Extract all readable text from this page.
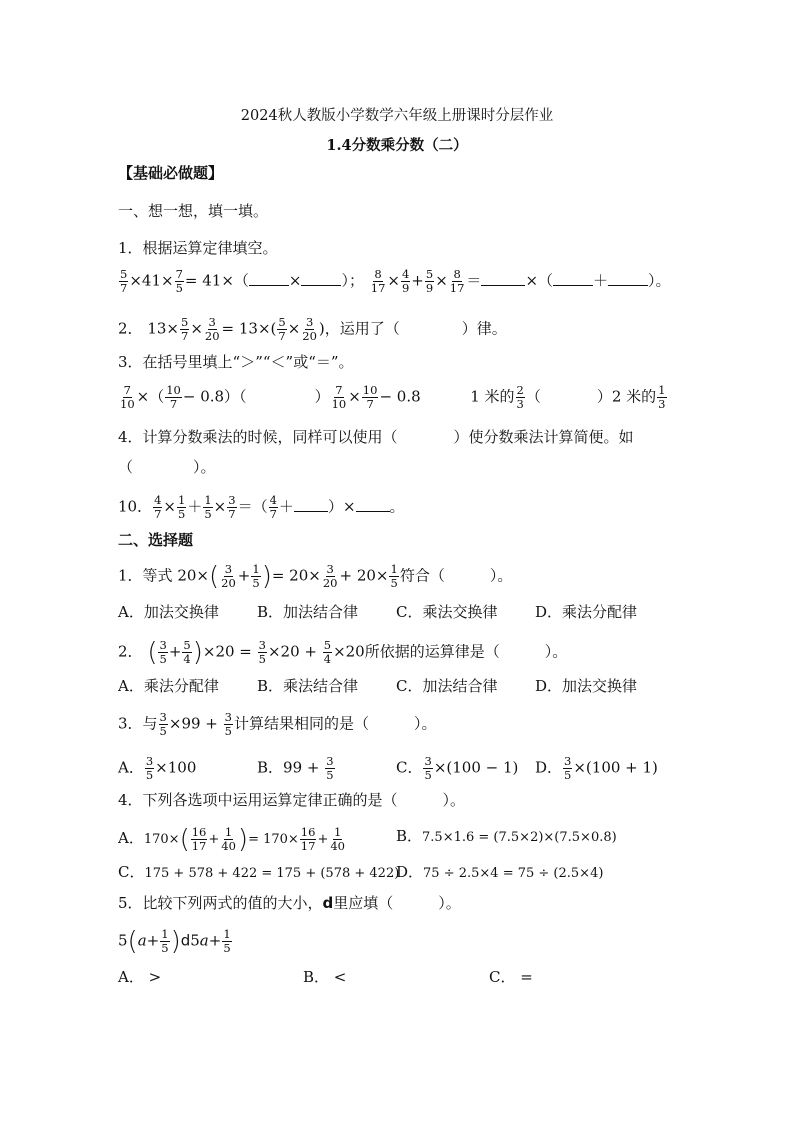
2024秋人教版小学数学六年级上册课时分层作业
1.4分数乘分数（二）
【基础必做题】
一、想一想，填一填。
1．根据运算定律填空。
$\frac{5}{7} \times 41\times \frac{7}{5} = 41\times$（	×	）； $\frac{8}{17} \times \frac{4}{9} + \frac{5}{9} \times \frac{8}{17}$ ＝	×（	＋	）。
2． $13\times \frac{5}{7} \times \frac{3}{20} = 13\times( \frac{5}{7} \times \frac{3}{20}$ )，运用了（	）律。
3．在括号里填上“＞”“＜”或“＝”。
$\frac{7}{10}$ ×（ $\frac{10}{7} - 0.8$）（	） $\frac{7}{10} \times \frac{10}{7} - 0.8$	1 米的 $\frac{2}{3}$ （	）2 米的 $\frac{1}{3}$
4．计算分数乘法的时候，同样可以使用（	）使分数乘法计算简便。如
（　　　　）。
10． $\frac{4}{7} \times \frac{1}{5} + \frac{1}{5} \times \frac{3}{7}$ ＝（ $\frac{4}{7}$ ＋ ）× 。
二、选择题
1．等式 $20\times( \frac{3}{20} + \frac{1}{5}$ )= $20\times \frac{3}{20} + 20\times \frac{1}{5}$ 符合（　　　）。
A．加法交换律	B．加法结合律	C．乘法交换律	D．乘法分配律
2． ( $\frac{3}{5} + \frac{5}{4} )\times 20 = \frac{3}{5} \times 20 + \frac{5}{4} \times 20$所依据的运算律是（　　　）。
A．乘法分配律	B．乘法结合律	C．加法结合律	D．加法交换律
3．与 $\frac{3}{5} \times 99 + \frac{3}{5}$ 计算结果相同的是（　　　）。
A． $\frac{3}{5} \times 100$	B．$99 + \frac{3}{5}$	C． $\frac{3}{5} \times(100 - 1)$ D． $\frac{3}{5} \times(100 + 1)$
4．下列各选项中运用运算定律正确的是（　　　）。
A．$170\times( \frac{16}{17} + \frac{1}{40}$ )= $170\times \frac{16}{17} + \frac{1}{40}$	B．7.5×1.6 = (7.5×2)×(7.5×0.8)
C．175 + 578 + 422 = 175 + (578 + 422)
D．75 ÷ 2.5×4 = 75 ÷ (2.5×4)
5．比较下列两式的值的大小，d里应填（　　　）。
$5(a+ \frac{1}{5} )d5a+ \frac{1}{5}$
A． >	B． <	C． =
